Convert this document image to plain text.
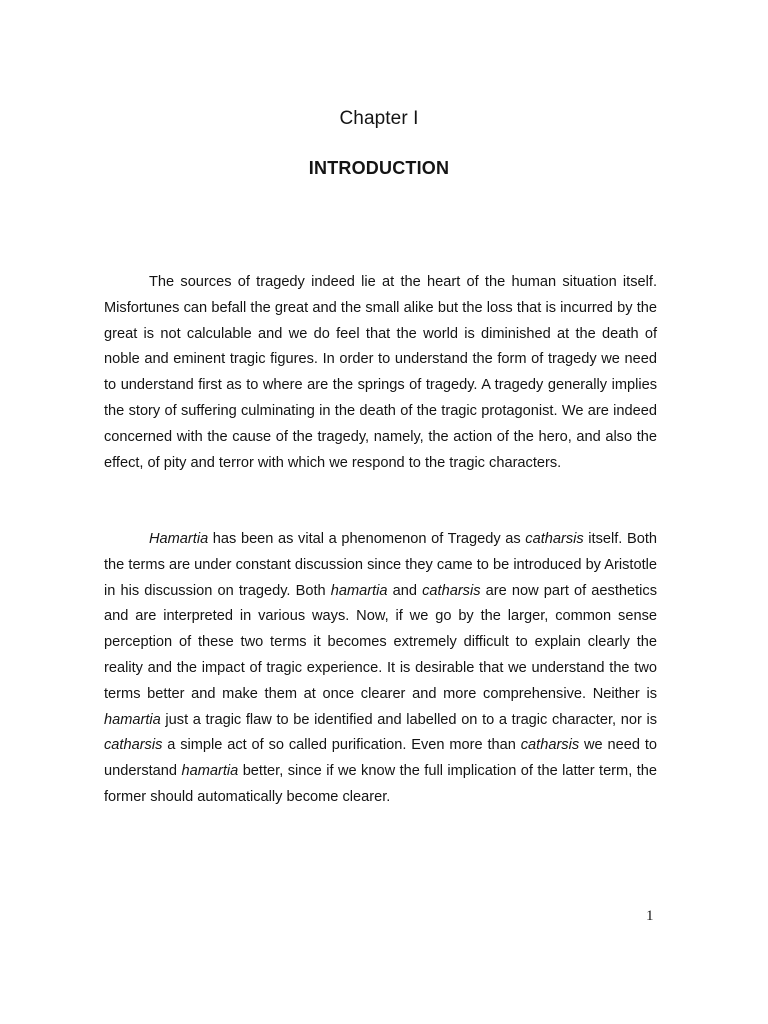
Chapter I
INTRODUCTION

The sources of tragedy indeed lie at the heart of the human situation itself. Misfortunes can befall the great and the small alike but the loss that is incurred by the great is not calculable and we do feel that the world is diminished at the death of noble and eminent tragic figures. In order to understand the form of tragedy we need to understand first as to where are the springs of tragedy. A tragedy generally implies the story of suffering culminating in the death of the tragic protagonist. We are indeed concerned with the cause of the tragedy, namely, the action of the hero, and also the effect, of pity and terror with which we respond to the tragic characters.

Hamartia has been as vital a phenomenon of Tragedy as catharsis itself. Both the terms are under constant discussion since they came to be introduced by Aristotle in his discussion on tragedy. Both hamartia and catharsis are now part of aesthetics and are interpreted in various ways. Now, if we go by the larger, common sense perception of these two terms it becomes extremely difficult to explain clearly the reality and the impact of tragic experience. It is desirable that we understand the two terms better and make them at once clearer and more comprehensive. Neither is hamartia just a tragic flaw to be identified and labelled on to a tragic character, nor is catharsis a simple act of so called purification. Even more than catharsis we need to understand hamartia better, since if we know the full implication of the latter term, the former should automatically become clearer.

1
